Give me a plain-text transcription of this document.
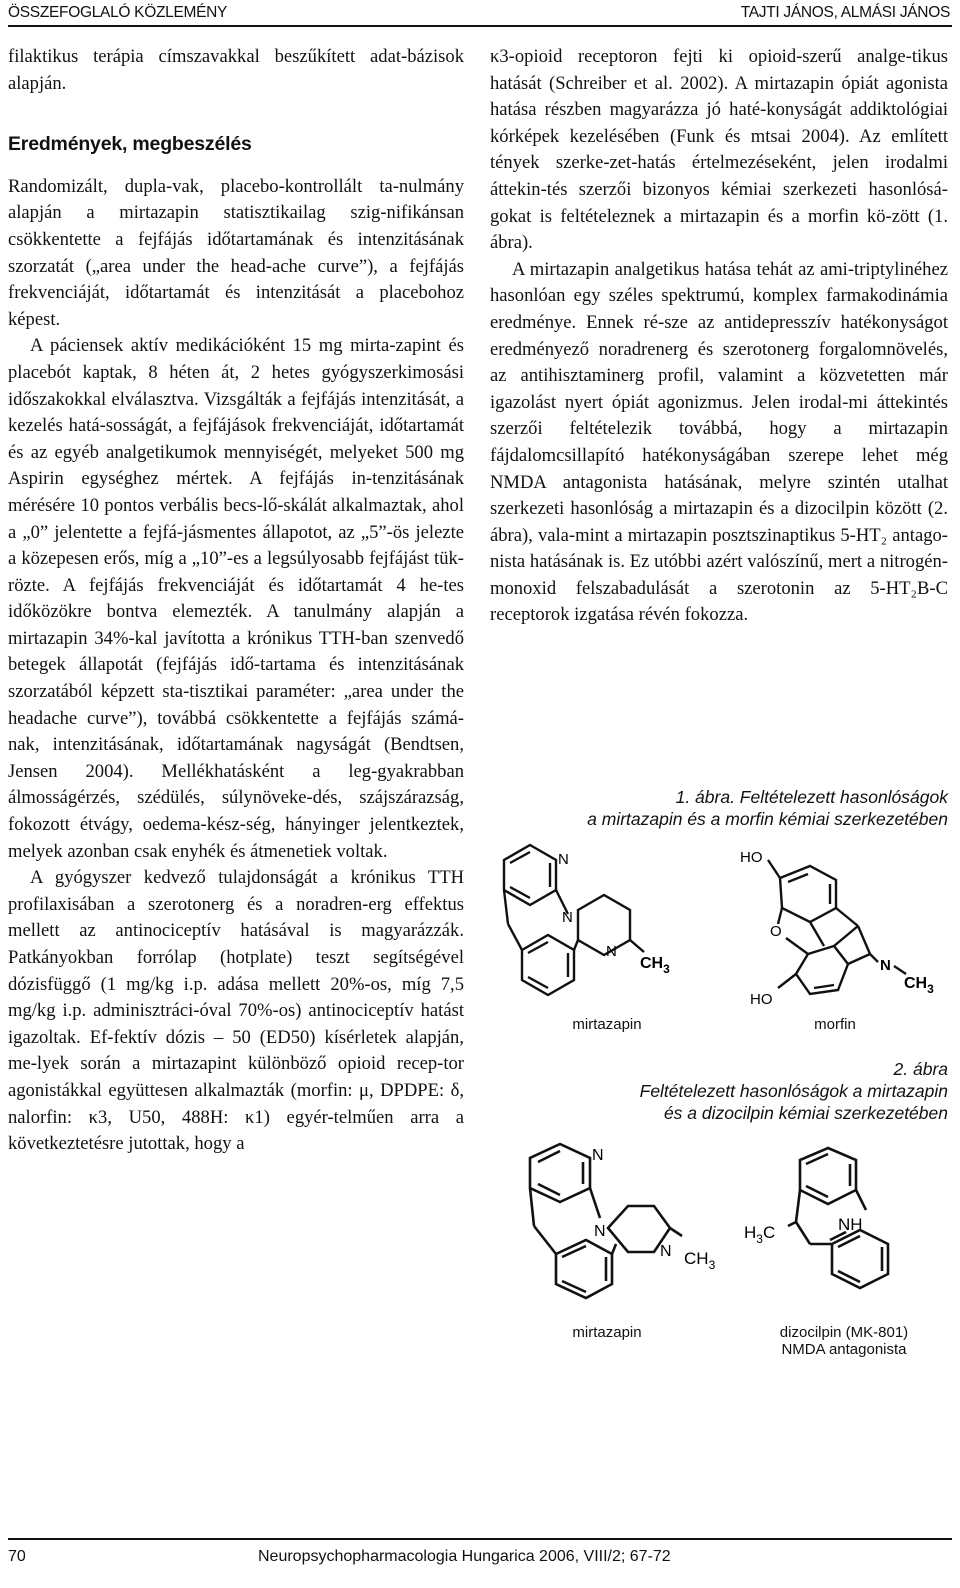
ÖSSZEFOGLALÓ KÖZLEMÉNY	TAJTI JÁNOS, ALMÁSI JÁNOS

filaktikus terápia címszavakkal beszűkített adat-bázisok alapján.

Eredmények, megbeszélés

Randomizált, dupla-vak, placebo-kontrollált ta-nulmány alapján a mirtazapin statisztikailag szig-nifikánsan csökkentette a fejfájás időtartamának és intenzitásának szorzatát („area under the head-ache curve”), a fejfájás frekvenciáját, időtartamát és intenzitását a placebohoz képest.

A páciensek aktív medikációként 15 mg mirta-zapint és placebót kaptak, 8 héten át, 2 hetes gyógyszerkimosási időszakokkal elválasztva. Vizsgálták a fejfájás intenzitását, a kezelés hatá-sosságát, a fejfájások frekvenciáját, időtartamát és az egyéb analgetikumok mennyiségét, melyeket 500 mg Aspirin egységhez mértek. A fejfájás in-tenzitásának mérésére 10 pontos verbális becs-lő-skálát alkalmaztak, ahol a „0” jelentette a fejfá-jásmentes állapotot, az „5”-ös jelezte a közepesen erős, míg a „10”-es a legsúlyosabb fejfájást tük-rözte. A fejfájás frekvenciáját és időtartamát 4 he-tes időközökre bontva elemezték. A tanulmány alapján a mirtazapin 34%-kal javította a krónikus TTH-ban szenvedő betegek állapotát (fejfájás idő-tartama és intenzitásának szorzatából képzett sta-tisztikai paraméter: „area under the headache curve”), továbbá csökkentette a fejfájás számá-nak, intenzitásának, időtartamának nagyságát (Bendtsen, Jensen 2004). Mellékhatásként a leg-gyakrabban álmosságérzés, szédülés, súlynöveke-dés, szájszárazság, fokozott étvágy, oedema-kész-ség, hányinger jelentkeztek, melyek azonban csak enyhék és átmenetiek voltak.

A gyógyszer kedvező tulajdonságát a krónikus TTH profilaxisában a szerotonerg és a noradren-erg effektus mellett az antinociceptív hatásával is magyarázzák. Patkányokban forrólap (hotplate) teszt segítségével dózisfüggő (1 mg/kg i.p. adása mellett 20%-os, míg 7,5 mg/kg i.p. adminisztráci-óval 70%-os) antinociceptív hatást igazoltak. Ef-fektív dózis – 50 (ED50) kísérletek alapján, me-lyek során a mirtazapint különböző opioid recep-tor agonistákkal együttesen alkalmazták (morfin: μ, DPDPE: δ, nalorfin: κ3, U50, 488H: κ1) egyér-telműen arra a következtetésre jutottak, hogy a

κ3-opioid receptoron fejti ki opioid-szerű analge-tikus hatását (Schreiber et al. 2002). A mirtazapin ópiát agonista hatása részben magyarázza jó haté-konyságát addiktológiai kórképek kezelésében (Funk és mtsai 2004). Az említett tények szerke-zet-hatás értelmezéseként, jelen irodalmi áttekin-tés szerzői bizonyos kémiai szerkezeti hasonlósá-gokat is feltételeznek a mirtazapin és a morfin kö-zött (1. ábra).

A mirtazapin analgetikus hatása tehát az ami-triptylinéhez hasonlóan egy széles spektrumú, komplex farmakodinámia eredménye. Ennek ré-sze az antidepresszív hatékonyságot eredményező noradrenerg és szerotonerg forgalomnövelés, az antihisztaminerg profil, valamint a közvetetten már igazolást nyert ópiát agonizmus. Jelen irodal-mi áttekintés szerzői feltételezik továbbá, hogy a mirtazapin fájdalomcsillapító hatékonyságában szerepe lehet még NMDA antagonista hatásának, melyre szintén utalhat szerkezeti hasonlóság a mirtazapin és a dizocilpin között (2. ábra), vala-mint a mirtazapin posztszinaptikus 5-HT₂ antago-nista hatásának is. Ez utóbbi azért valószínű, mert a nitrogén-monoxid felszabadulását a szerotonin az 5-HT₂B-C receptorok izgatása révén fokozza.

1. ábra. Feltételezett hasonlóságok
a mirtazapin és a morfin kémiai szerkezetében
N
N
N
$CH_3$
mirtazapin
HO
O
HO
N
$CH_3$
morfin
2. ábra
Feltételezett hasonlóságok a mirtazapin
és a dizocilpin kémiai szerkezetében
N
N
N $CH_3$
mirtazapin
$H_3C$	NH
dizocilpin (MK-801)
NMDA antagonista
70	Neuropsychopharmacologia Hungarica 2006, VIII/2; 67-72
